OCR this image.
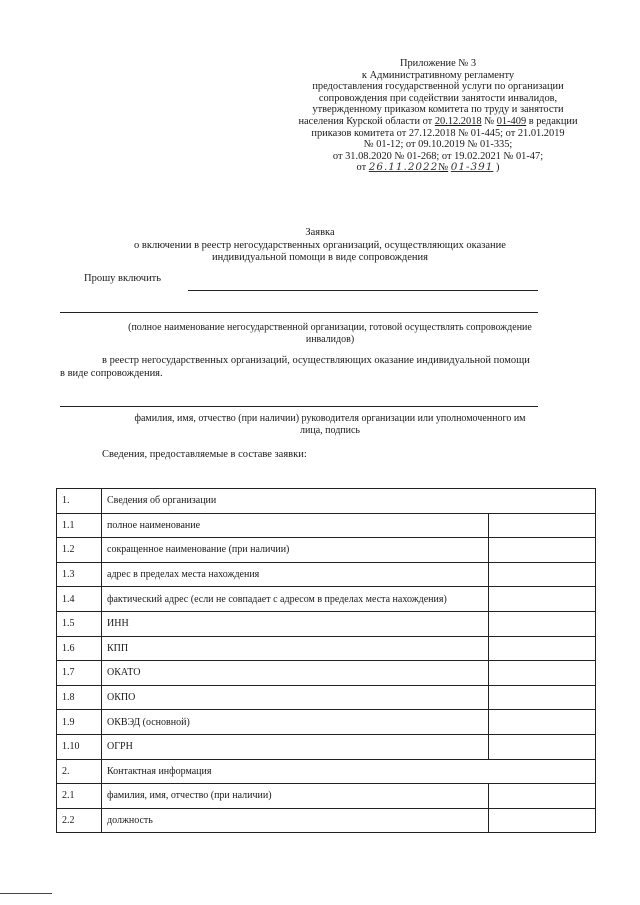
Приложение № 3
к Административному регламенту
предоставления государственной услуги по организации
сопровождения при содействии занятости инвалидов,
утвержденному приказом комитета по труду и занятости
населения Курской области от 20.12.2018 № 01-409 в редакции
приказов комитета от 27.12.2018 № 01-445; от 21.01.2019
№ 01-12; от 09.10.2019 № 01-335;
от 31.08.2020 № 01-268; от 19.02.2021 № 01-47;
от 26.11.2022№ 01-391 )
Заявка
о включении в реестр негосударственных организаций, осуществляющих оказание
индивидуальной помощи в виде сопровождения
Прошу включить
(полное наименование негосударственной организации, готовой осуществлять сопровождение
инвалидов)
в реестр негосударственных организаций, осуществляющих оказание индивидуальной помощи
в виде сопровождения.
фамилия, имя, отчество (при наличии) руководителя организации или уполномоченного им
лица, подпись
Сведения, предоставляемые в составе заявки:
1.	Сведения об организации	
1.1	полное наименование	
1.2	сокращенное наименование (при наличии)	
1.3	адрес в пределах места нахождения	
1.4	фактический адрес (если не совпадает с адресом в пределах места нахождения)	
1.5	ИНН	
1.6	КПП	
1.7	ОКАТО	
1.8	ОКПО	
1.9	ОКВЭД (основной)	
1.10	ОГРН	
2.	Контактная информация	
2.1	фамилия, имя, отчество (при наличии)	
2.2	должность	
